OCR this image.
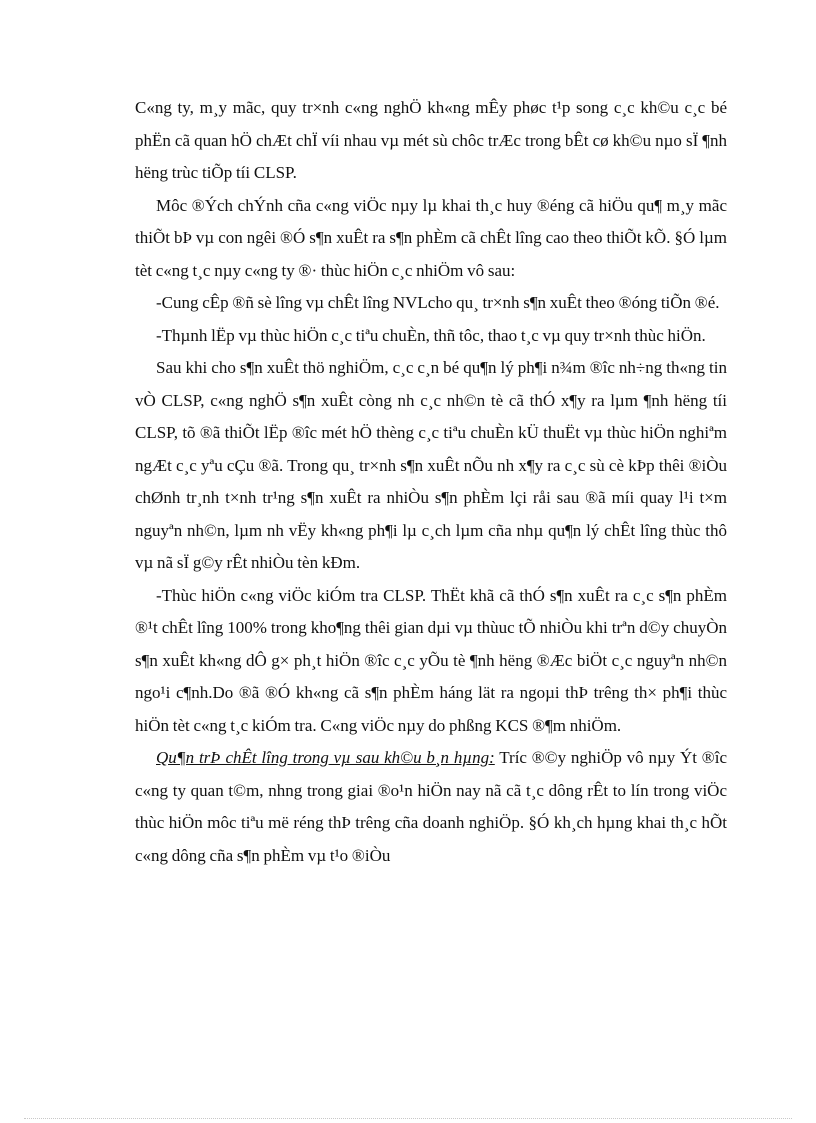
C«ng ty, m¸y mãc, quy tr×nh c«ng nghÖ kh«ng mÊy phøc t¹p song c¸c kh©u c¸c bé phËn cã quan hÖ chÆt chÏ víi nhau vµ mét sù chôc trÆc trong bÊt cø kh©u nµo sÏ ¶nh hëng trùc tiÕp tíi CLSP.

Môc ®Ých chÝnh cña c«ng viÖc nµy lµ khai th¸c huy ®éng cã hiÖu qu¶ m¸y mãc thiÕt bÞ vµ con ngêi ®Ó s¶n xuÊt ra s¶n phÈm cã chÊt lîng cao theo thiÕt kÕ. §Ó lµm tèt c«ng t¸c nµy c«ng ty ®· thùc hiÖn c¸c nhiÖm vô sau:

-Cung cÊp ®ñ sè lîng vµ chÊt lîng NVLcho qu¸ tr×nh s¶n xuÊt theo ®óng tiÕn ®é.

-Thµnh lËp vµ thùc hiÖn c¸c tiªu chuÈn, thñ tôc, thao t¸c vµ quy tr×nh thùc hiÖn.

Sau khi cho s¶n xuÊt thö nghiÖm, c¸c c¸n bé qu¶n lý ph¶i n¾m ®îc nh÷ng th«ng tin vÒ CLSP, c«ng nghÖ s¶n xuÊt còng nh c¸c nh©n tè cã thÓ x¶y ra lµm ¶nh hëng tíi CLSP, tõ ®ã thiÕt lËp ®îc mét hÖ thèng c¸c tiªu chuÈn kÜ thuËt vµ thùc hiÖn nghiªm ngÆt c¸c yªu cÇu ®ã. Trong qu¸ tr×nh s¶n xuÊt nÕu nh x¶y ra c¸c sù cè kÞp thêi ®iÒu chØnh tr¸nh t×nh tr¹ng s¶n xuÊt ra nhiÒu s¶n phÈm lçi råi sau ®ã míi quay l¹i t×m nguyªn nh©n, lµm nh vËy kh«ng ph¶i lµ c¸ch lµm cña nhµ qu¶n lý chÊt lîng thùc thô vµ nã sÏ g©y rÊt nhiÒu tèn kÐm.

-Thùc hiÖn c«ng viÖc kiÓm tra CLSP. ThËt khã cã thÓ s¶n xuÊt ra c¸c s¶n phÈm ®¹t chÊt lîng 100% trong kho¶ng thêi gian dµi vµ thùuc tÕ nhiÒu khi trªn d©y chuyÒn s¶n xuÊt kh«ng dÔ g× ph¸t hiÖn ®îc c¸c yÕu tè ¶nh hëng ®Æc biÖt c¸c nguyªn nh©n ngo¹i c¶nh.Do ®ã ®Ó kh«ng cã s¶n phÈm háng lät ra ngoµi thÞ trêng th× ph¶i thùc hiÖn tèt c«ng t¸c kiÓm tra. C«ng viÖc nµy do phßng KCS ®¶m nhiÖm.

Qu¶n trÞ chÊt lîng trong vµ sau kh©u b¸n hµng: Tríc ®©y nghiÖp vô nµy Ýt ®îc c«ng ty quan t©m, nhng trong giai ®o¹n hiÖn nay nã cã t¸c dông rÊt to lín trong viÖc thùc hiÖn môc tiªu më réng thÞ trêng cña doanh nghiÖp. §Ó kh¸ch hµng khai th¸c hÕt c«ng dông cña s¶n phÈm vµ t¹o ®iÒu
